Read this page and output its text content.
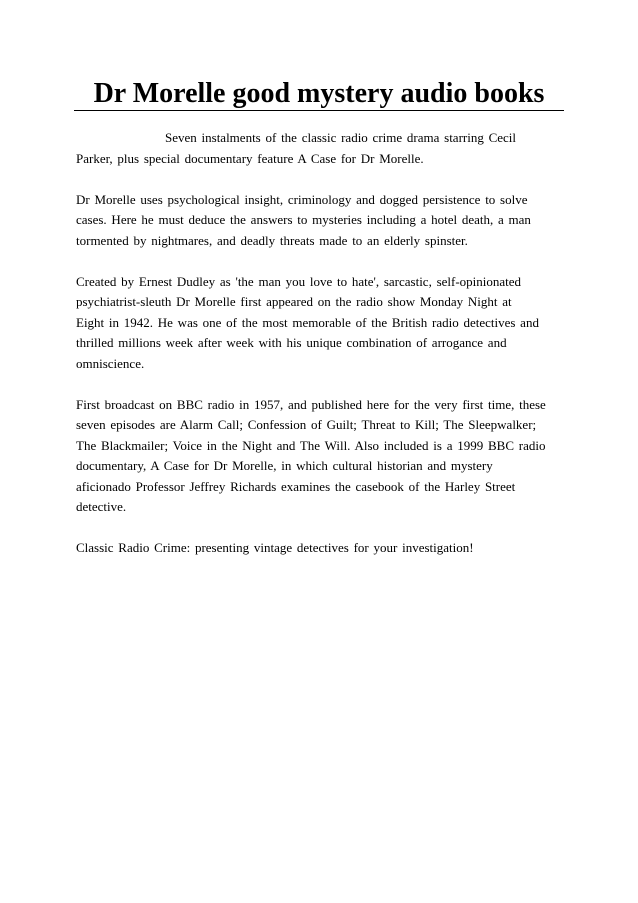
Dr Morelle good mystery audio books

Seven instalments of the classic radio crime drama starring Cecil
Parker, plus special documentary feature A Case for Dr Morelle.

Dr Morelle uses psychological insight, criminology and dogged persistence to solve
cases. Here he must deduce the answers to mysteries including a hotel death, a man
tormented by nightmares, and deadly threats made to an elderly spinster.

Created by Ernest Dudley as 'the man you love to hate', sarcastic, self-opinionated
psychiatrist-sleuth Dr Morelle first appeared on the radio show Monday Night at
Eight in 1942. He was one of the most memorable of the British radio detectives and
thrilled millions week after week with his unique combination of arrogance and
omniscience.

First broadcast on BBC radio in 1957, and published here for the very first time, these
seven episodes are Alarm Call; Confession of Guilt; Threat to Kill; The Sleepwalker;
The Blackmailer; Voice in the Night and The Will. Also included is a 1999 BBC radio
documentary, A Case for Dr Morelle, in which cultural historian and mystery
aficionado Professor Jeffrey Richards examines the casebook of the Harley Street
detective.

Classic Radio Crime: presenting vintage detectives for your investigation!
